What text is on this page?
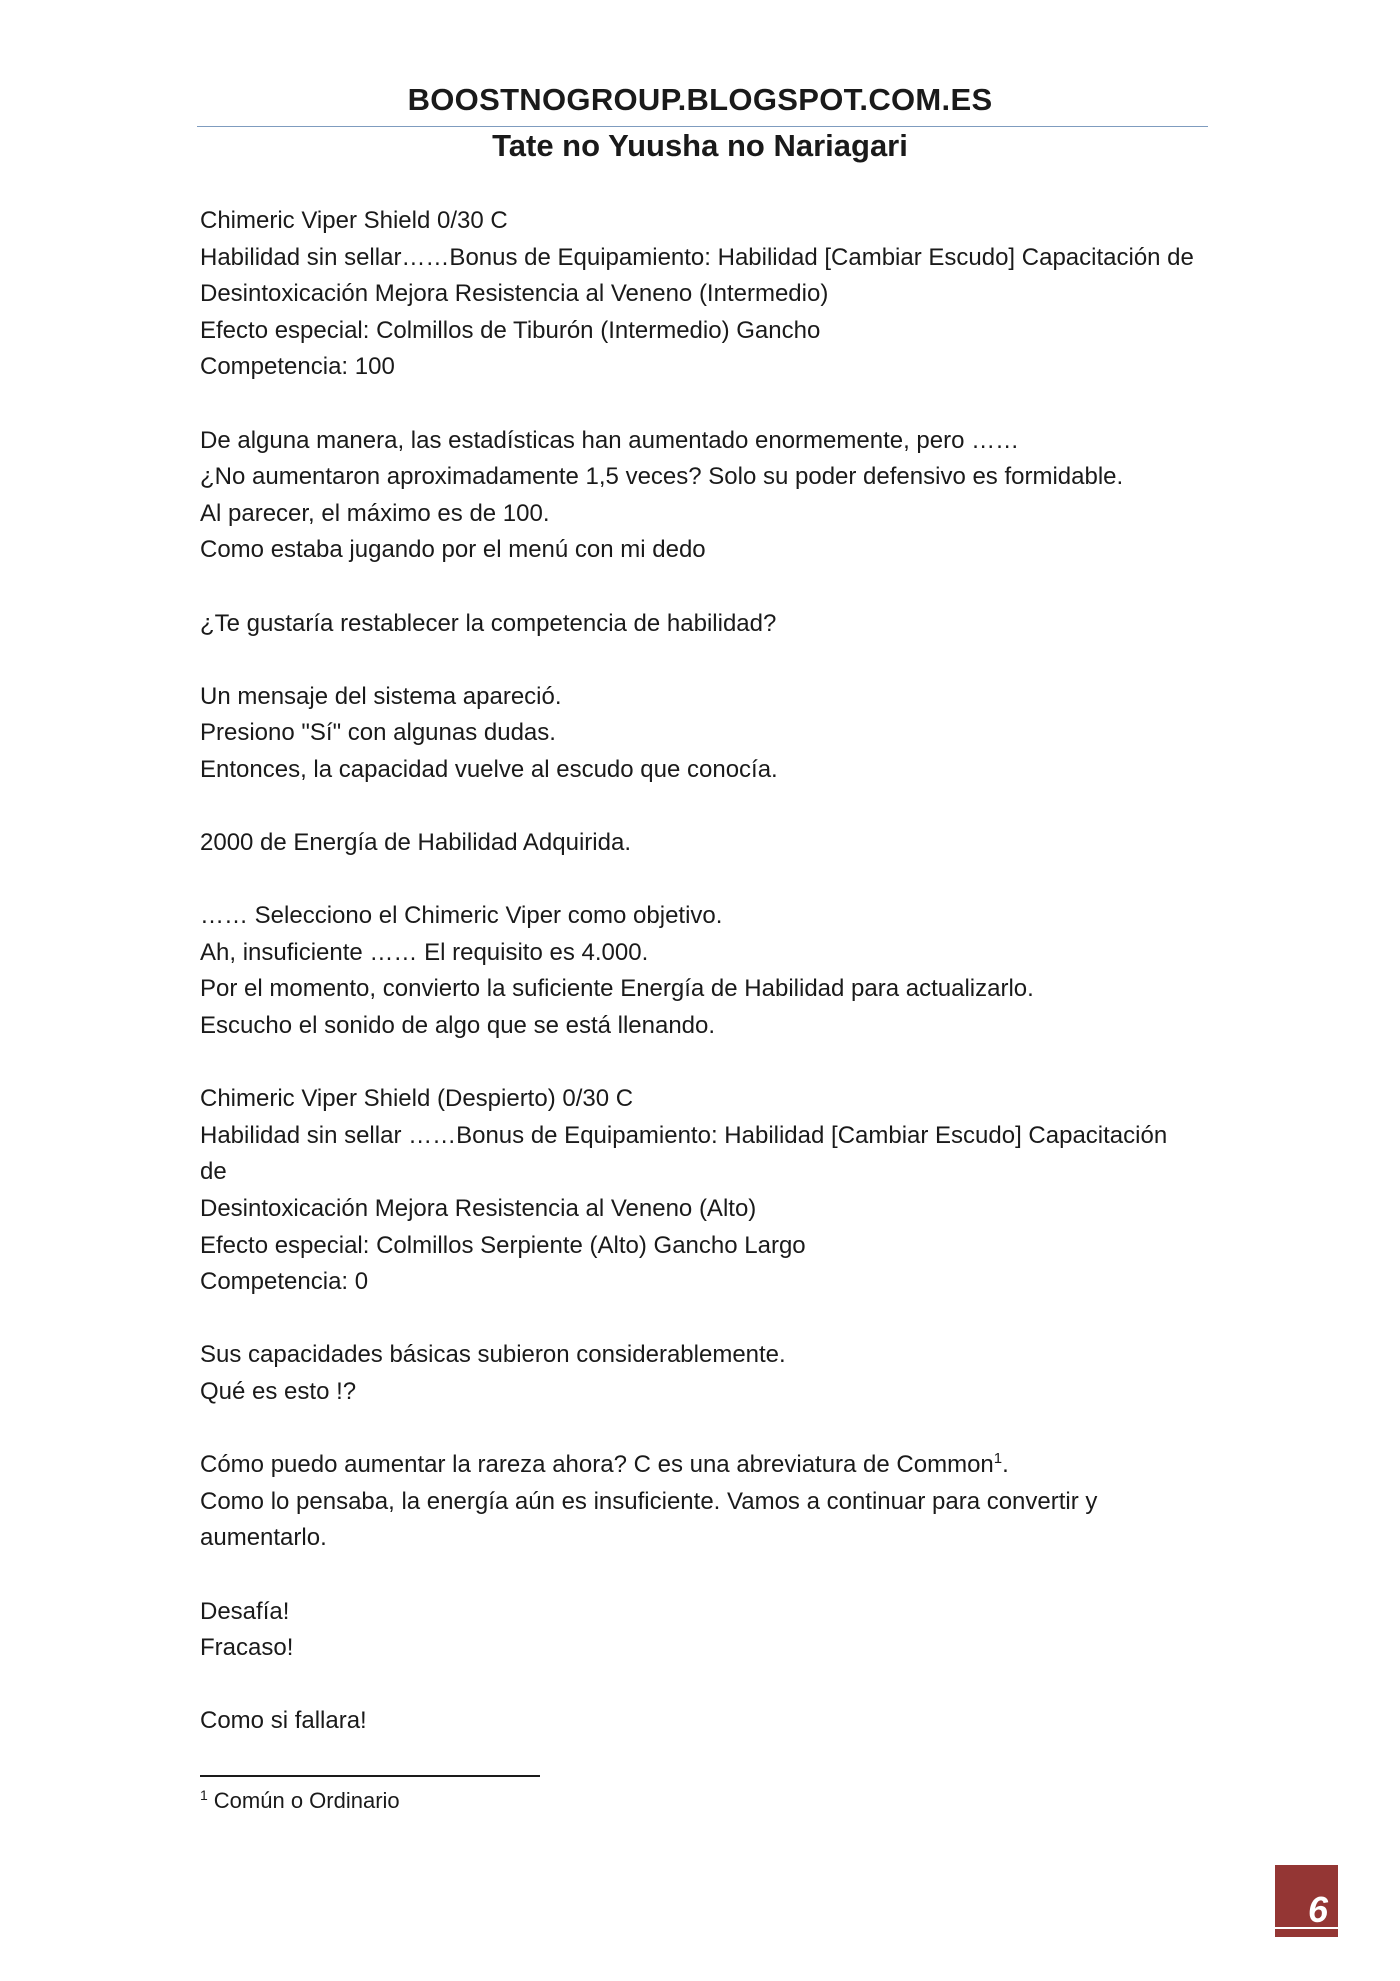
BOOSTNOGROUP.BLOGSPOT.COM.ES
Tate no Yuusha no Nariagari

Chimeric Viper Shield 0/30 C
Habilidad sin sellar……Bonus de Equipamiento: Habilidad [Cambiar Escudo] Capacitación de
Desintoxicación Mejora Resistencia al Veneno (Intermedio)
Efecto especial: Colmillos de Tiburón (Intermedio) Gancho
Competencia: 100

De alguna manera, las estadísticas han aumentado enormemente, pero ……
¿No aumentaron aproximadamente 1,5 veces? Solo su poder defensivo es formidable.
Al parecer, el máximo es de 100.
Como estaba jugando por el menú con mi dedo

¿Te gustaría restablecer la competencia de habilidad?

Un mensaje del sistema apareció.
Presiono "Sí" con algunas dudas.
Entonces, la capacidad vuelve al escudo que conocía.

2000 de Energía de Habilidad Adquirida.

…… Selecciono el Chimeric Viper como objetivo.
Ah, insuficiente …… El requisito es 4.000.
Por el momento, convierto la suficiente Energía de Habilidad para actualizarlo.
Escucho el sonido de algo que se está llenando.

Chimeric Viper Shield (Despierto) 0/30 C
Habilidad sin sellar ……Bonus de Equipamiento: Habilidad [Cambiar Escudo] Capacitación de
Desintoxicación Mejora Resistencia al Veneno (Alto)
Efecto especial: Colmillos Serpiente (Alto) Gancho Largo
Competencia: 0

Sus capacidades básicas subieron considerablemente.
Qué es esto !?

Cómo puedo aumentar la rareza ahora? C es una abreviatura de Common$^1$.
Como lo pensaba, la energía aún es insuficiente. Vamos a continuar para convertir y
aumentarlo.

Desafía!
Fracaso!

Como si fallara!

$^1$ Común o Ordinario
6
